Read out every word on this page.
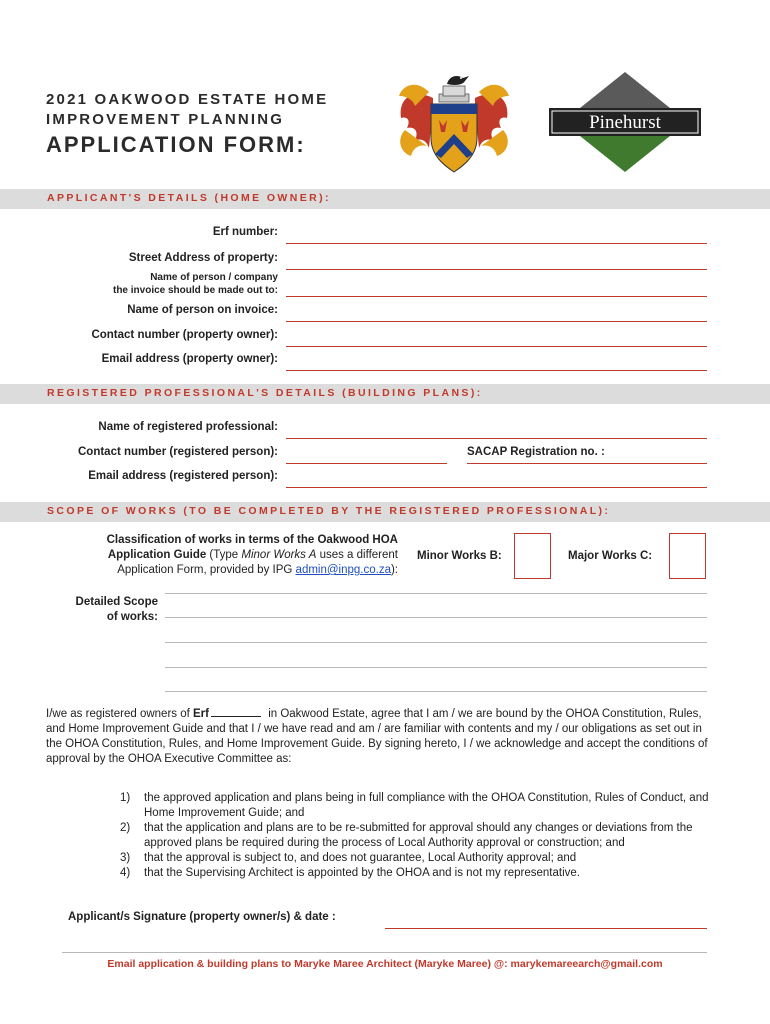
2021 OAKWOOD ESTATE HOME
IMPROVEMENT PLANNING
APPLICATION FORM:
Pinehurst
APPLICANT'S DETAILS (HOME OWNER):
Erf number:
Street Address of property:
Name of person / company
the invoice should be made out to:
Name of person on invoice:
Contact number (property owner):
Email address (property owner):
REGISTERED PROFESSIONAL'S DETAILS (BUILDING PLANS):
Name of registered professional:
Contact number (registered person):	SACAP Registration no. :
Email address (registered person):
SCOPE OF WORKS (TO BE COMPLETED BY THE REGISTERED PROFESSIONAL):
Classification of works in terms of the Oakwood HOA
Application Guide (Type Minor Works A uses a different
Application Form, provided by IPG admin@inpg.co.za):
Minor Works B:	Major Works C:
Detailed Scope
of works:
I/we as registered owners of Erf	in Oakwood Estate, agree that I am / we are bound by the OHOA Constitution, Rules, and Home Improvement Guide and that I / we have read and am / are familiar with contents and my / our obligations as set out in the OHOA Constitution, Rules, and Home Improvement Guide. By signing hereto, I / we acknowledge and accept the conditions of approval by the OHOA Executive Committee as:
1) the approved application and plans being in full compliance with the OHOA Constitution, Rules of Conduct, and Home Improvement Guide; and
2) that the application and plans are to be re-submitted for approval should any changes or deviations from the approved plans be required during the process of Local Authority approval or construction; and
3) that the approval is subject to, and does not guarantee, Local Authority approval; and
4) that the Supervising Architect is appointed by the OHOA and is not my representative.
Applicant/s Signature (property owner/s) & date :
Email application & building plans to Maryke Maree Architect (Maryke Maree) @: marykemareearch@gmail.com
